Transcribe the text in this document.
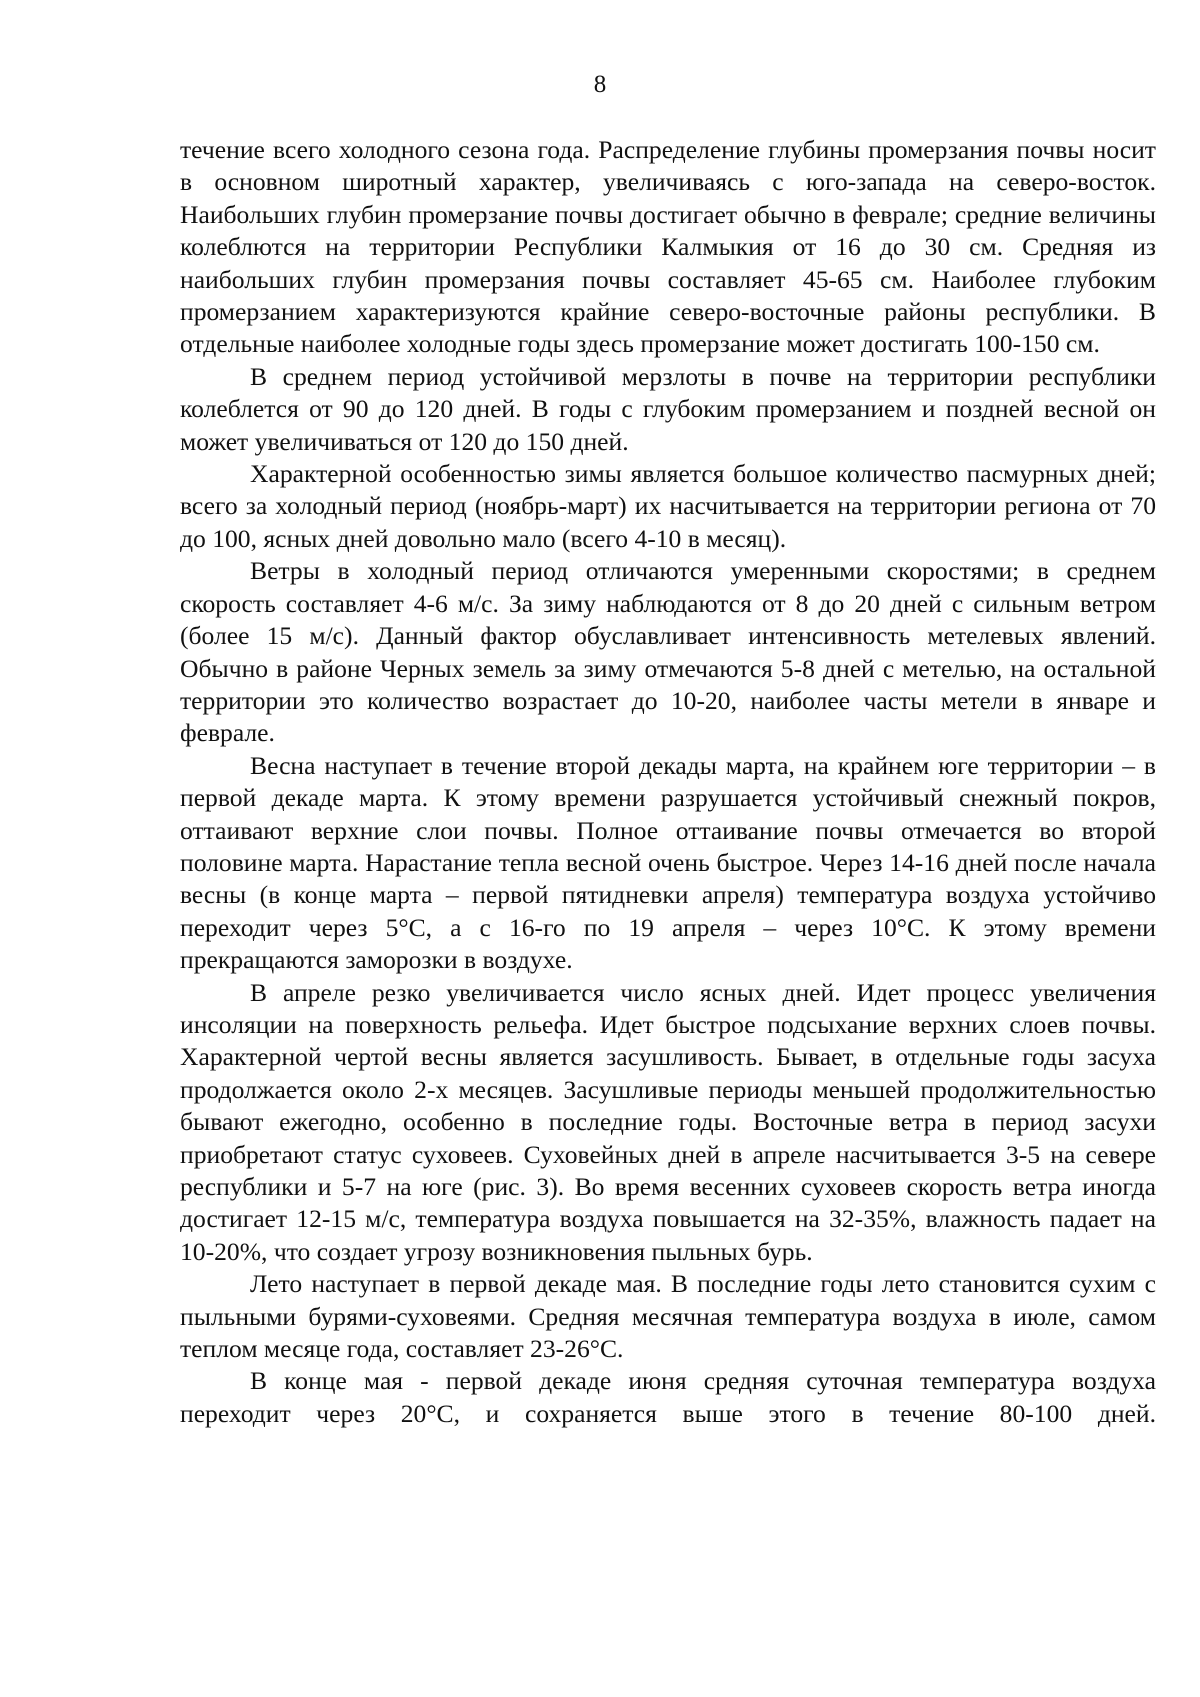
8

течение всего холодного сезона года. Распределение глубины промерзания почвы носит в основном широтный характер, увеличиваясь с юго-запада на северо-восток. Наибольших глубин промерзание почвы достигает обычно в феврале; средние величины колеблются на территории Республики Калмыкия от 16 до 30 см. Средняя из наибольших глубин промерзания почвы составляет 45-65 см. Наиболее глубоким промерзанием характеризуются крайние северо-восточные районы республики. В отдельные наиболее холодные годы здесь промерзание может достигать 100-150 см.

В среднем период устойчивой мерзлоты в почве на территории республики колеблется от 90 до 120 дней. В годы с глубоким промерзанием и поздней весной он может увеличиваться от 120 до 150 дней.

Характерной особенностью зимы является большое количество пасмурных дней; всего за холодный период (ноябрь-март) их насчитывается на территории региона от 70 до 100, ясных дней довольно мало (всего 4-10 в месяц).

Ветры в холодный период отличаются умеренными скоростями; в среднем скорость составляет 4-6 м/с. За зиму наблюдаются от 8 до 20 дней с сильным ветром (более 15 м/с). Данный фактор обуславливает интенсивность метелевых явлений. Обычно в районе Черных земель за зиму отмечаются 5-8 дней с метелью, на остальной территории это количество возрастает до 10-20, наиболее часты метели в январе и феврале.

Весна наступает в течение второй декады марта, на крайнем юге территории – в первой декаде марта. К этому времени разрушается устойчивый снежный покров, оттаивают верхние слои почвы. Полное оттаивание почвы отмечается во второй половине марта. Нарастание тепла весной очень быстрое. Через 14-16 дней после начала весны (в конце марта – первой пятидневки апреля) температура воздуха устойчиво переходит через 5°С, а с 16-го по 19 апреля – через 10°С. К этому времени прекращаются заморозки в воздухе.

В апреле резко увеличивается число ясных дней. Идет процесс увеличения инсоляции на поверхность рельефа. Идет быстрое подсыхание верхних слоев почвы. Характерной чертой весны является засушливость. Бывает, в отдельные годы засуха продолжается около 2-х месяцев. Засушливые периоды меньшей продолжительностью бывают ежегодно, особенно в последние годы. Восточные ветра в период засухи приобретают статус суховеев. Суховейных дней в апреле насчитывается 3-5 на севере республики и 5-7 на юге (рис. 3). Во время весенних суховеев скорость ветра иногда достигает 12-15 м/с, температура воздуха повышается на 32-35%, влажность падает на 10-20%, что создает угрозу возникновения пыльных бурь.

Лето наступает в первой декаде мая. В последние годы лето становится сухим с пыльными бурями-суховеями. Средняя месячная температура воздуха в июле, самом теплом месяце года, составляет 23-26°С.

В конце мая - первой декаде июня средняя суточная температура воздуха переходит через 20°С, и сохраняется выше этого в течение 80-100 дней.
